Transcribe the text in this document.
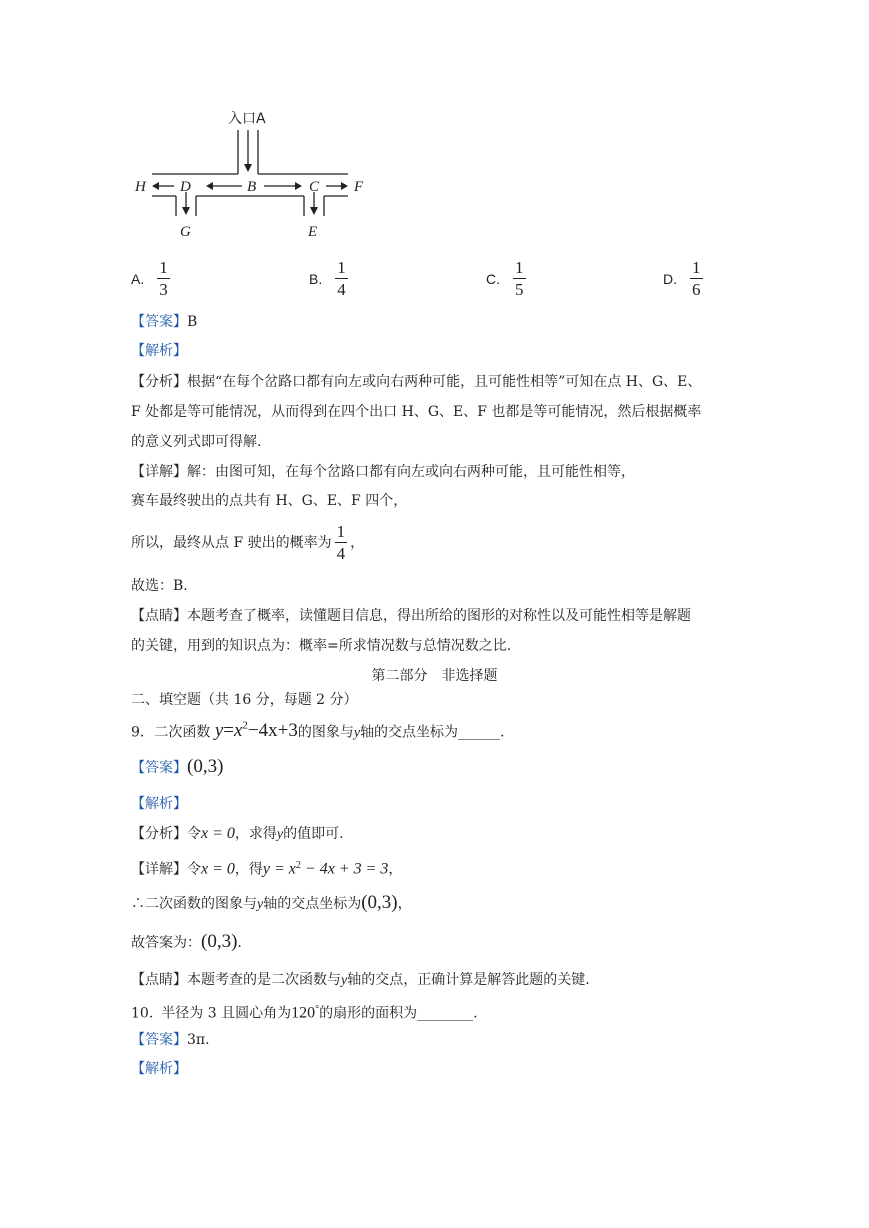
入口A
H D	B	C F
G	E
A. $\frac{1}{3}$	B. $\frac{1}{4}$	C. $\frac{1}{5}$	D. $\frac{1}{6}$
【答案】B
【解析】
【分析】根据“在每个岔路口都有向左或向右两种可能，且可能性相等”可知在点 H、G、E、
F 处都是等可能情况，从而得到在四个出口 H、G、E、F 也都是等可能情况，然后根据概率
的意义列式即可得解.
【详解】解：由图可知，在每个岔路口都有向左或向右两种可能，且可能性相等，
赛车最终驶出的点共有 H、G、E、F 四个，
所以，最终从点 F 驶出的概率为 $\frac{1}{4}$ ，
故选：B.
【点睛】本题考查了概率，读懂题目信息，得出所给的图形的对称性以及可能性相等是解题
的关键，用到的知识点为：概率=所求情况数与总情况数之比.
第二部分　非选择题
二、填空题（共 16 分，每题 2 分）
9. 二次函数 $y=x^2-4x+3$的图象与y轴的交点坐标为______.
【答案】(0,3)
【解析】
【分析】令x = 0，求得y的值即可.
【详解】令x = 0，得$y = x^2 - 4x + 3 = 3$，
∴二次函数的图象与y轴的交点坐标为(0,3)，
故答案为：(0,3).
【点睛】本题考查的是二次函数与y轴的交点，正确计算是解答此题的关键.
10. 半径为 3 且圆心角为120°的扇形的面积为________.
【答案】3π.
【解析】
